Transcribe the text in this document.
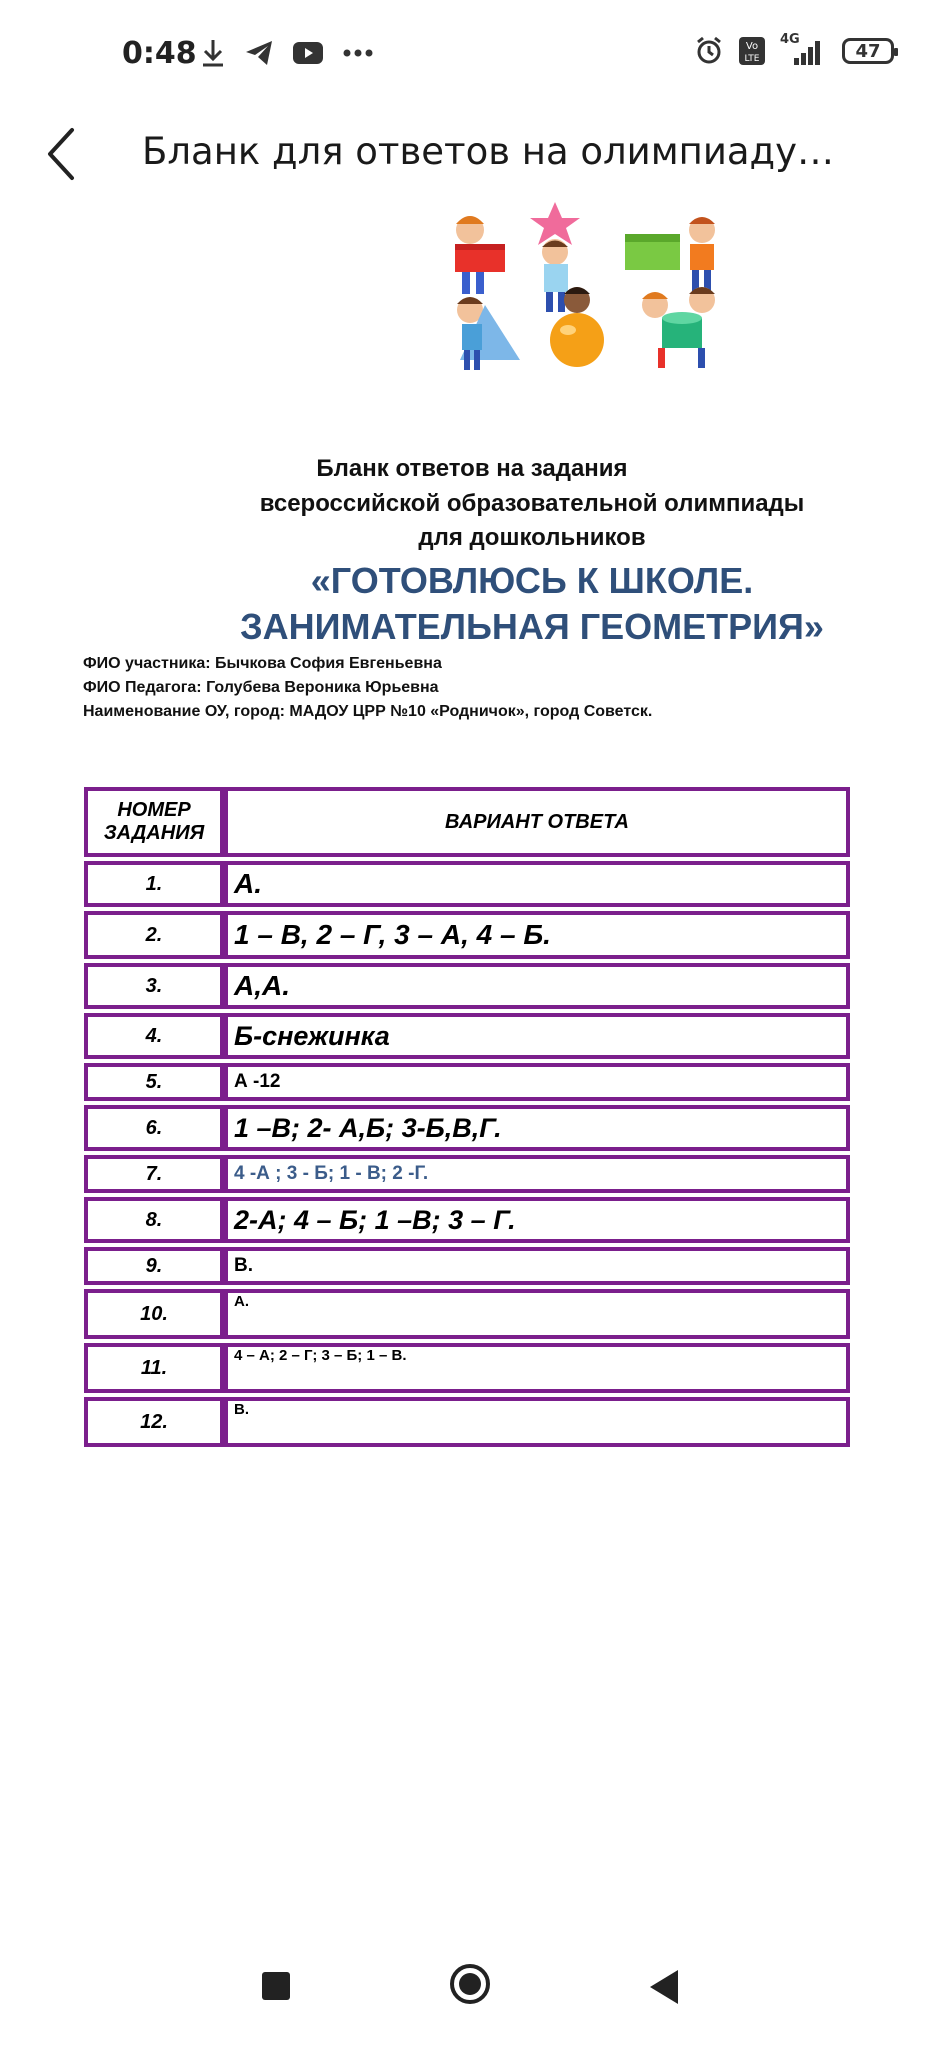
0:48	Vo
LTE
4G
47
Бланк для ответов на олимпиаду…
Бланк ответов на задания
всероссийской образовательной олимпиады
для дошкольников
«ГОТОВЛЮСЬ К ШКОЛЕ.
ЗАНИМАТЕЛЬНАЯ ГЕОМЕТРИЯ»
ФИО участника: Бычкова София Евгеньевна
ФИО Педагога: Голубева Вероника Юрьевна
Наименование ОУ, город: МАДОУ ЦРР №10 «Родничок», город Советск.
НОМЕР
ЗАДАНИЯ	ВАРИАНТ ОТВЕТА
1.	А.
2.	1 – В, 2 – Г, 3 – А, 4 – Б.
3.	А,А.
4.	Б-снежинка
5.	А -12
6.	1 –В; 2- А,Б; 3-Б,В,Г.
7.	4 -А ; 3 - Б; 1 - В; 2 -Г.
8.	2-А; 4 – Б; 1 –В; 3 – Г.
9.	В.
10.	А.
11.	4 – А; 2 – Г; 3 – Б; 1 – В.
12.	В.
